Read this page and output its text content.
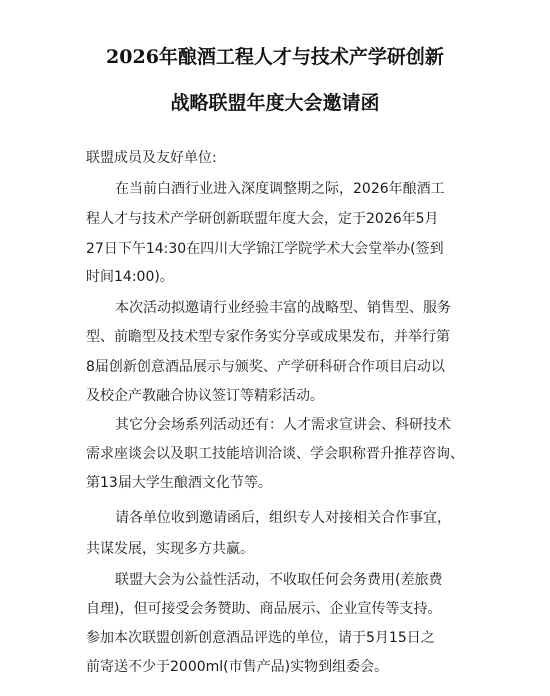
2026年酿酒工程人才与技术产学研创新
战略联盟年度大会邀请函
联盟成员及友好单位:
在当前白酒行业进入深度调整期之际，2026年酿酒工
程人才与技术产学研创新联盟年度大会，定于2026年5月
27日下午14:30在四川大学锦江学院学术大会堂举办(签到
时间14:00)。
本次活动拟邀请行业经验丰富的战略型、销售型、服务
型、前瞻型及技术型专家作务实分享或成果发布，并举行第
8届创新创意酒品展示与颁奖、产学研科研合作项目启动以
及校企产教融合协议签订等精彩活动。
其它分会场系列活动还有：人才需求宣讲会、科研技术
需求座谈会以及职工技能培训洽谈、学会职称晋升推荐咨询、
第13届大学生酿酒文化节等。
请各单位收到邀请函后，组织专人对接相关合作事宜，
共谋发展，实现多方共赢。
联盟大会为公益性活动，不收取任何会务费用(差旅费
自理)，但可接受会务赞助、商品展示、企业宣传等支持。
参加本次联盟创新创意酒品评选的单位，请于5月15日之
前寄送不少于2000ml(市售产品)实物到组委会。
